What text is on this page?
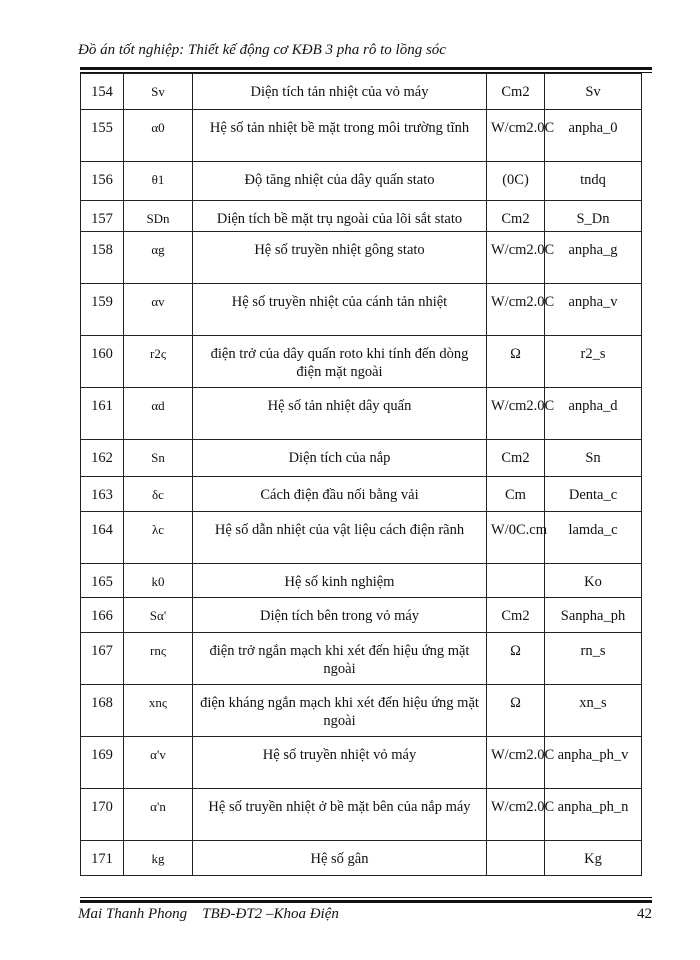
Đồ án tốt nghiệp: Thiết kế động cơ KĐB 3 pha rô to lồng sóc
154	Sv	Diện tích tản nhiệt của vỏ máy	Cm2	Sv
155	α0	Hệ số tản nhiệt bề mặt trong môi trường tĩnh	W/cm2.0C	anpha_0
156	θ1	Độ tăng nhiệt của dây quấn stato	(0C)	tndq
157	SDn	Diện tích bề mặt trụ ngoài của lõi sắt stato	Cm2	S_Dn
158	αg	Hệ số truyền nhiệt gông stato	W/cm2.0C	anpha_g
159	αv	Hệ số truyền nhiệt của cánh tản nhiệt	W/cm2.0C	anpha_v
160	r2ς	điện trở của dây quấn roto khi tính đến dòng điện mặt ngoài	Ω	r2_s
161	αd	Hệ số tản nhiệt dây quấn	W/cm2.0C	anpha_d
162	Sn	Diện tích của nắp	Cm2	Sn
163	δc	Cách điện đầu nối bằng vải	Cm	Denta_c
164	λc	Hệ số dẫn nhiệt của vật liệu cách điện rãnh	W/0C.cm	lamda_c
165	k0	Hệ số kinh nghiệm		Ko
166	Sα'	Diện tích bên trong vỏ máy	Cm2	Sanpha_ph
167	rnς	điện trở ngắn mạch khi xét đến hiệu ứng mặt ngoài	Ω	rn_s
168	xnς	điện kháng ngắn mạch khi xét đến hiệu ứng mặt ngoài	Ω	xn_s
169	α'v	Hệ số truyền nhiệt vỏ máy	W/cm2.0C	anpha_ph_v
170	α'n	Hệ số truyền nhiệt ở bề mặt bên của nắp máy	W/cm2.0C	anpha_ph_n
171	kg	Hệ số gân		Kg
Mai Thanh Phong TBĐ-ĐT2 –Khoa Điện	42
